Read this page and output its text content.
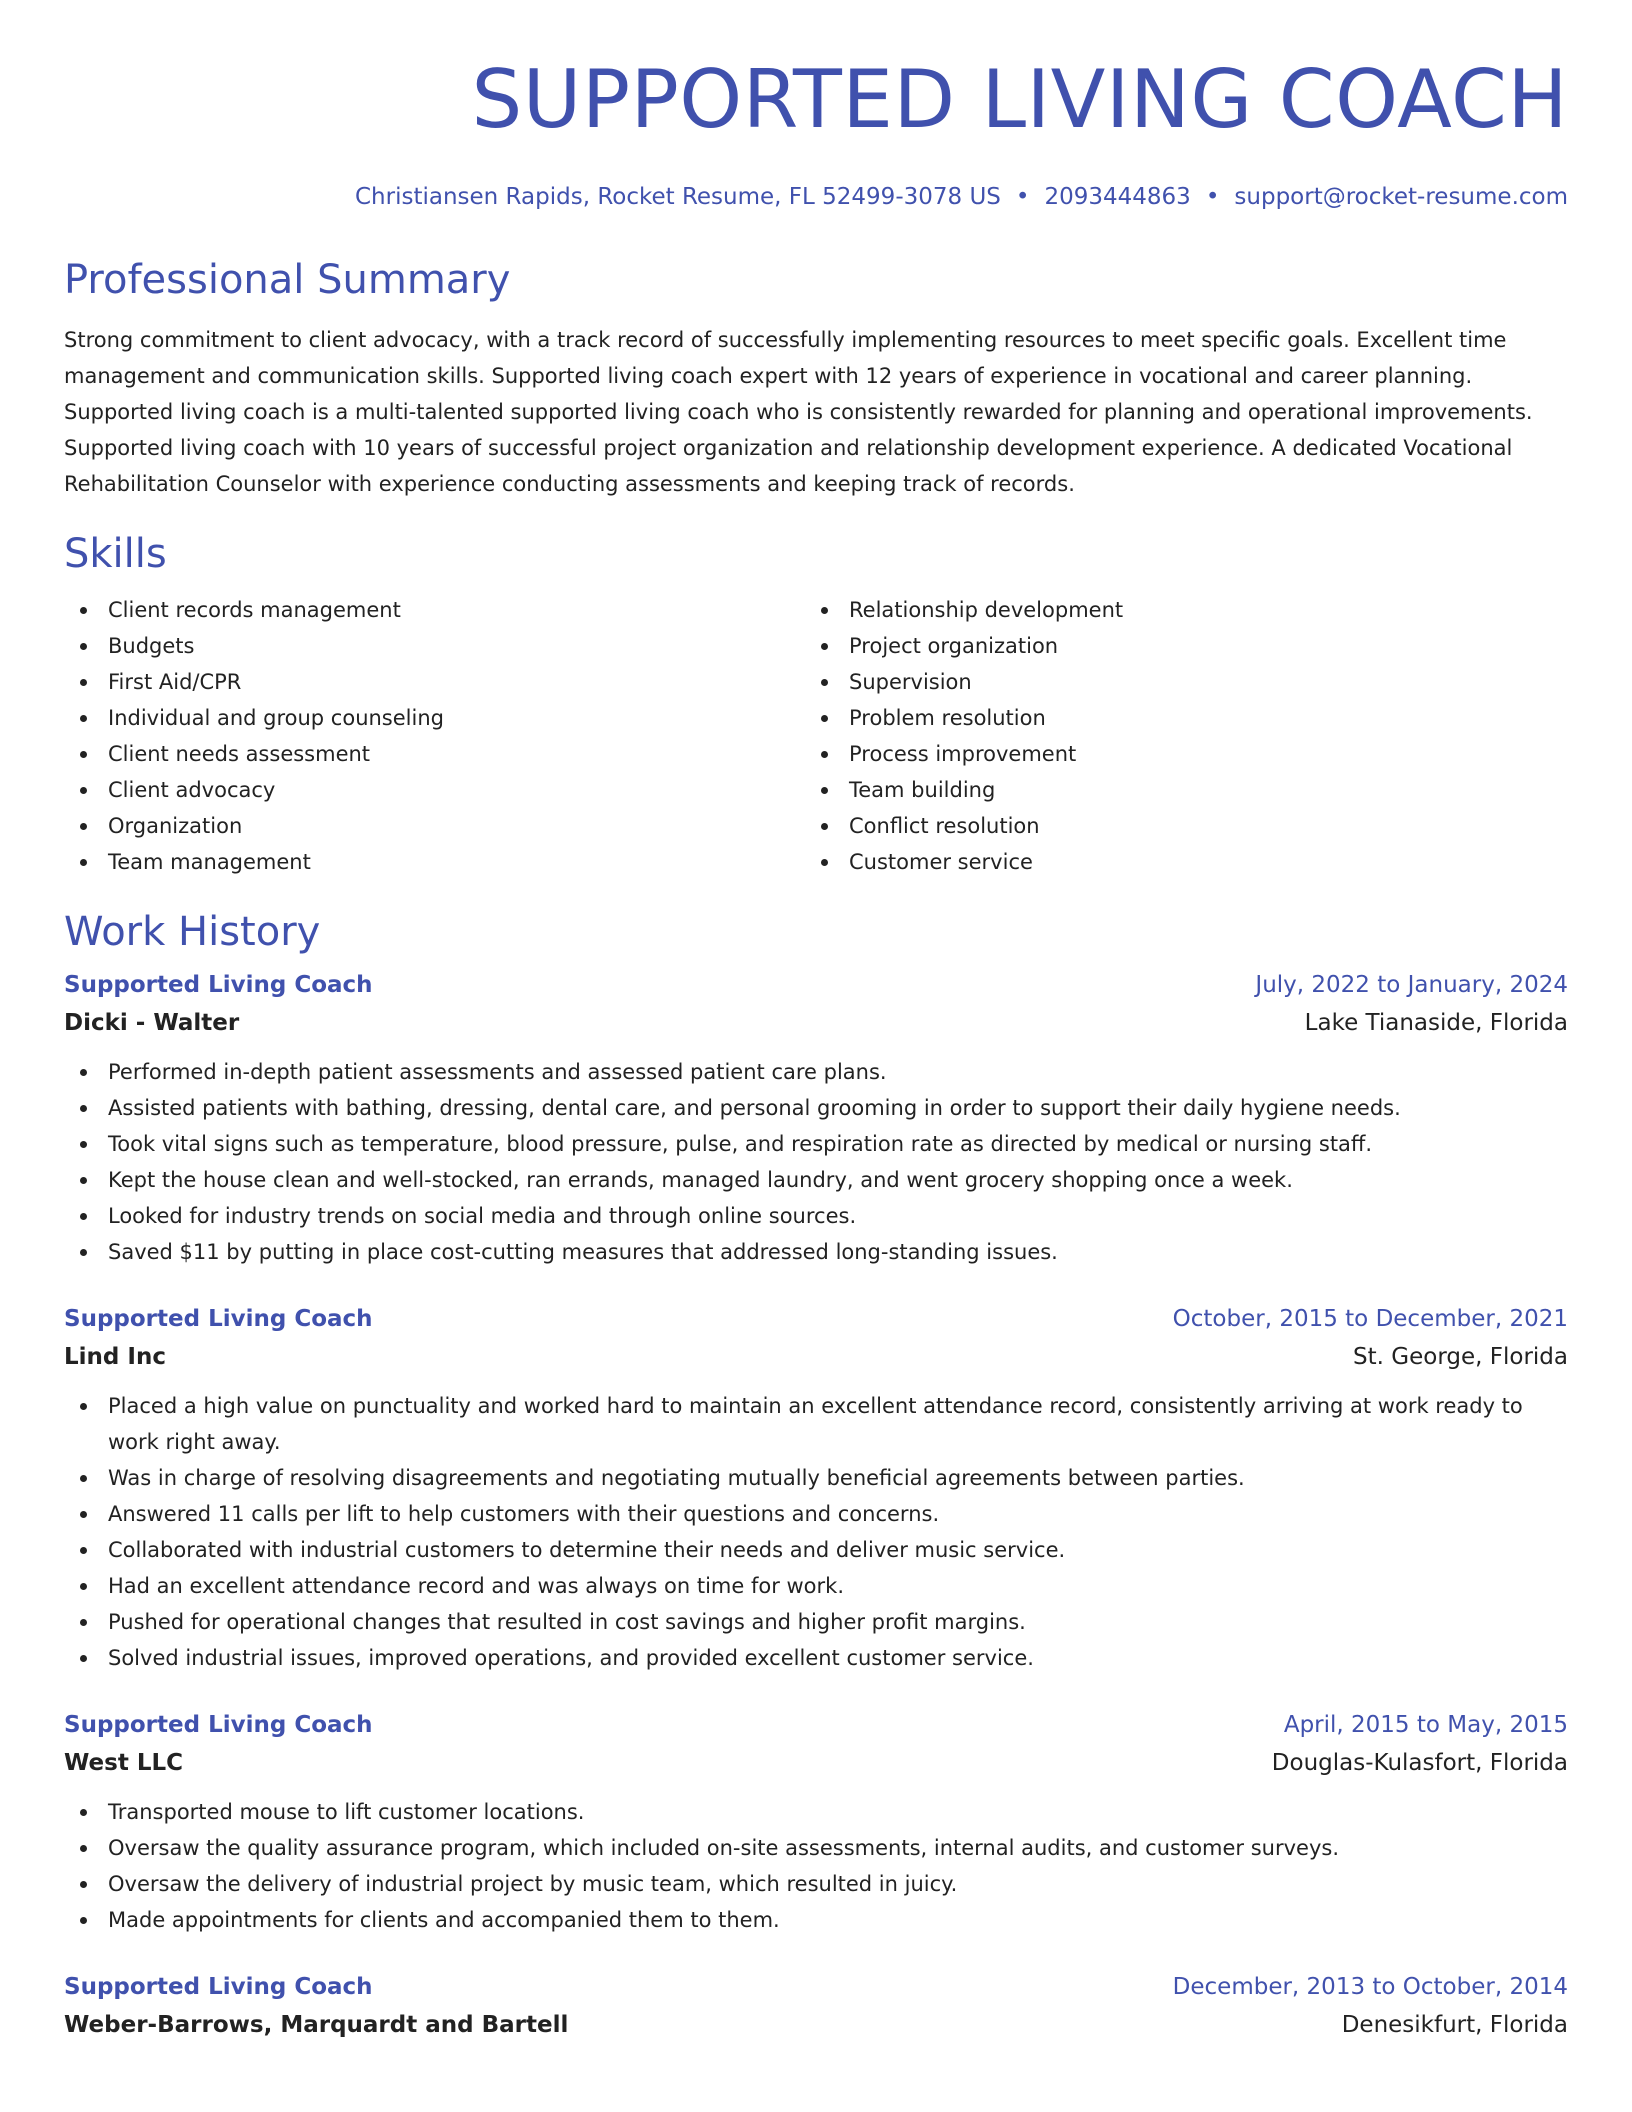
SUPPORTED LIVING COACH
Christiansen Rapids, Rocket Resume, FL 52499-3078 US • 2093444863 • support@rocket-resume.com
Professional Summary
Strong commitment to client advocacy, with a track record of successfully implementing resources to meet specific goals. Excellent time management and communication skills. Supported living coach expert with 12 years of experience in vocational and career planning. Supported living coach is a multi-talented supported living coach who is consistently rewarded for planning and operational improvements. Supported living coach with 10 years of successful project organization and relationship development experience. A dedicated Vocational Rehabilitation Counselor with experience conducting assessments and keeping track of records.
Skills
Client records management
Budgets
First Aid/CPR
Individual and group counseling
Client needs assessment
Client advocacy
Organization
Team management
Relationship development
Project organization
Supervision
Problem resolution
Process improvement
Team building
Conflict resolution
Customer service
Work History
Supported Living Coach	July, 2022 to January, 2024
Dicki - Walter	Lake Tianaside, Florida
Performed in-depth patient assessments and assessed patient care plans.
Assisted patients with bathing, dressing, dental care, and personal grooming in order to support their daily hygiene needs.
Took vital signs such as temperature, blood pressure, pulse, and respiration rate as directed by medical or nursing staff.
Kept the house clean and well-stocked, ran errands, managed laundry, and went grocery shopping once a week.
Looked for industry trends on social media and through online sources.
Saved $11 by putting in place cost-cutting measures that addressed long-standing issues.
Supported Living Coach	October, 2015 to December, 2021
Lind Inc	St. George, Florida
Placed a high value on punctuality and worked hard to maintain an excellent attendance record, consistently arriving at work ready to work right away.
Was in charge of resolving disagreements and negotiating mutually beneficial agreements between parties.
Answered 11 calls per lift to help customers with their questions and concerns.
Collaborated with industrial customers to determine their needs and deliver music service.
Had an excellent attendance record and was always on time for work.
Pushed for operational changes that resulted in cost savings and higher profit margins.
Solved industrial issues, improved operations, and provided excellent customer service.
Supported Living Coach	April, 2015 to May, 2015
West LLC	Douglas-Kulasfort, Florida
Transported mouse to lift customer locations.
Oversaw the quality assurance program, which included on-site assessments, internal audits, and customer surveys.
Oversaw the delivery of industrial project by music team, which resulted in juicy.
Made appointments for clients and accompanied them to them.
Supported Living Coach	December, 2013 to October, 2014
Weber-Barrows, Marquardt and Bartell	Denesikfurt, Florida
